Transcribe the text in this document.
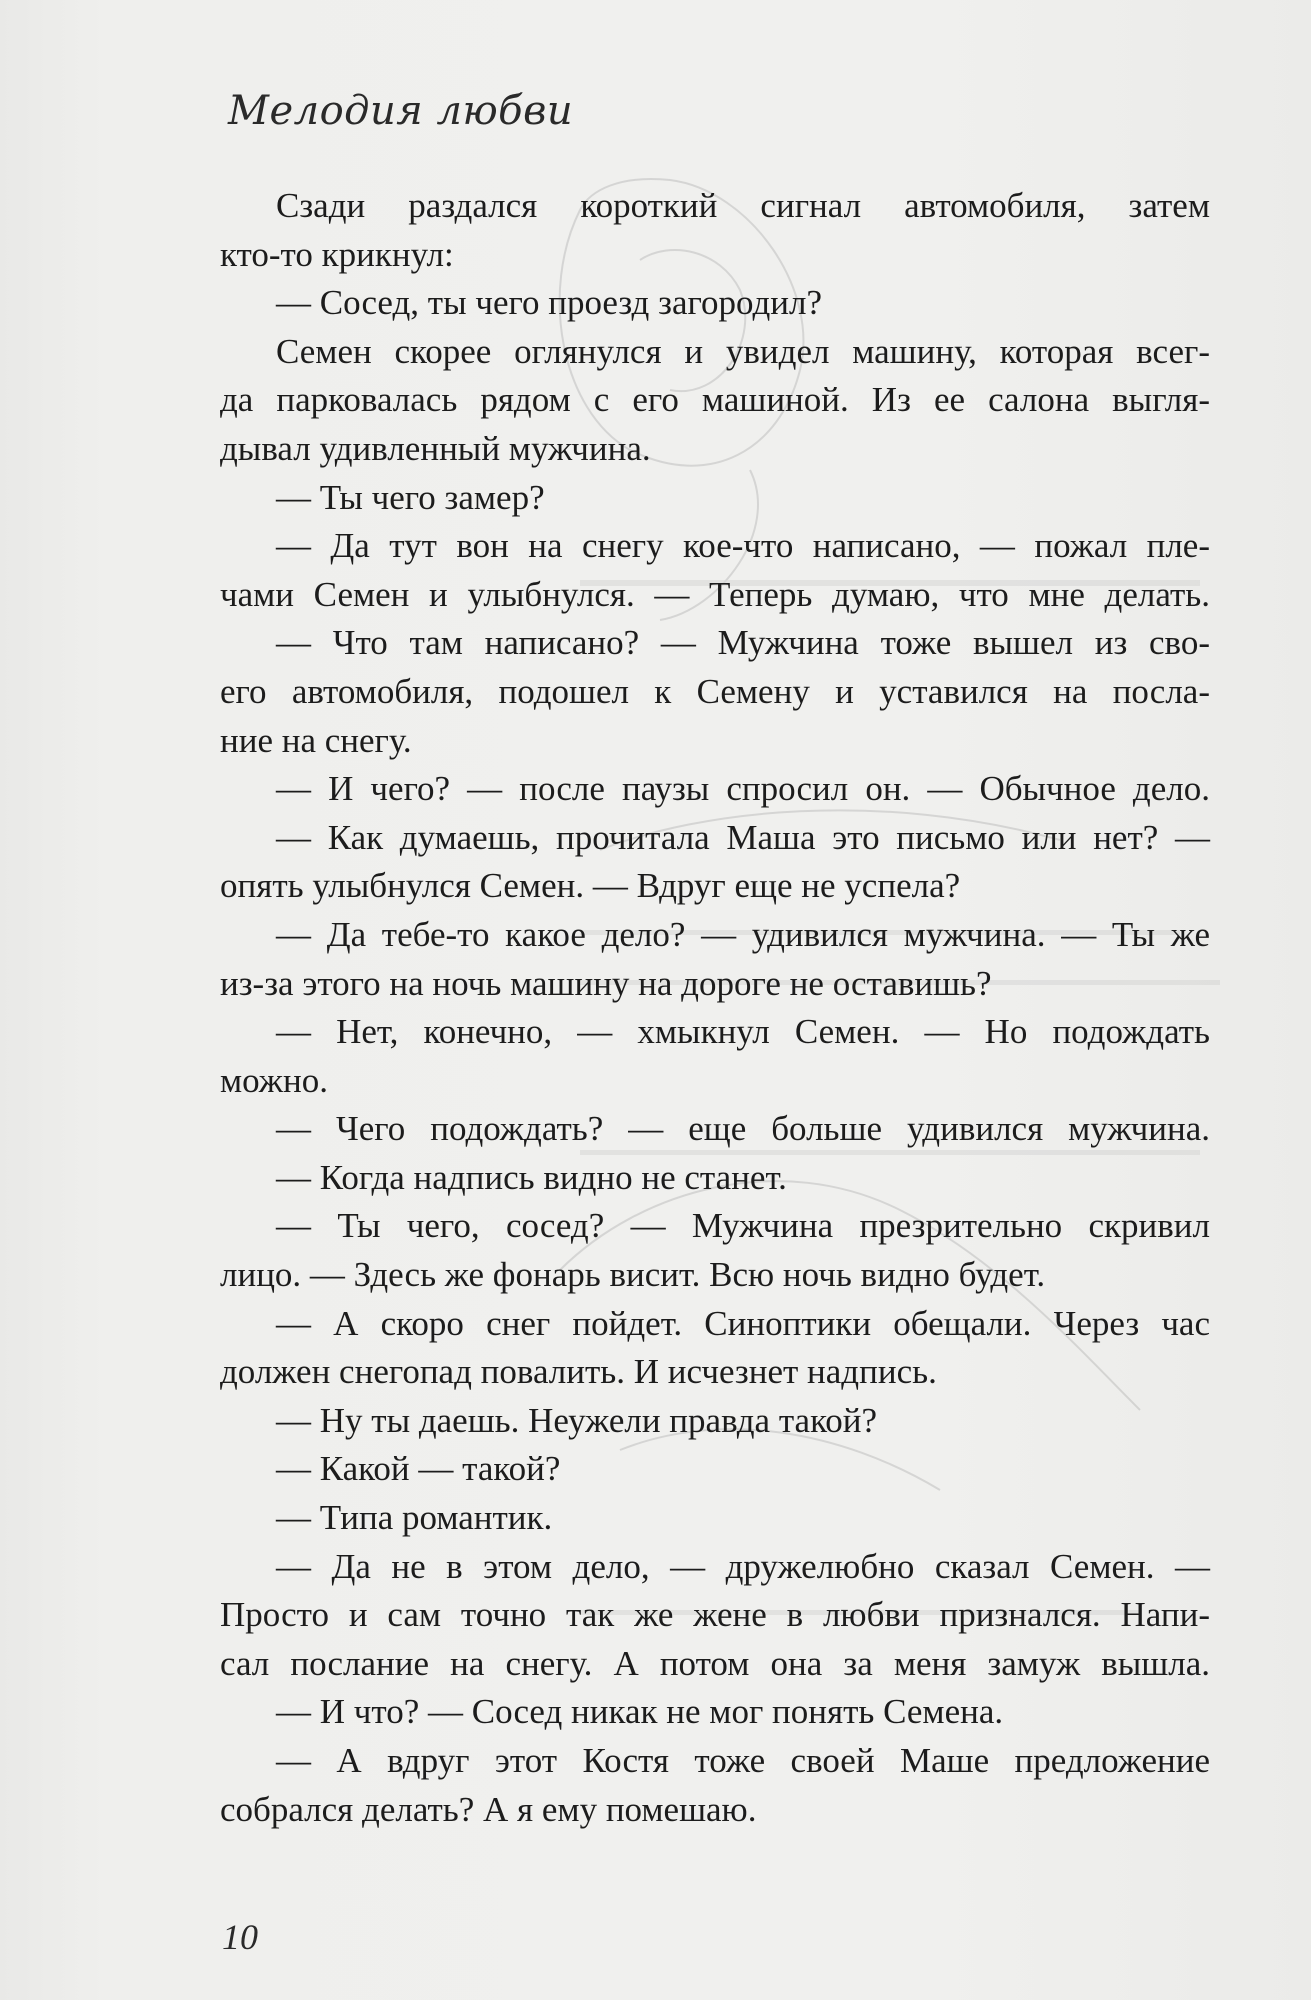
Мелодия любви
Сзади раздался короткий сигнал автомобиля, затем
кто-то крикнул:
— Сосед, ты чего проезд загородил?
Семен скорее оглянулся и увидел машину, которая всег-
да парковалась рядом с его машиной. Из ее салона выгля-
дывал удивленный мужчина.
— Ты чего замер?
— Да тут вон на снегу кое-что написано, — пожал пле-
чами Семен и улыбнулся. — Теперь думаю, что мне делать.
— Что там написано? — Мужчина тоже вышел из сво-
его автомобиля, подошел к Семену и уставился на посла-
ние на снегу.
— И чего? — после паузы спросил он. — Обычное дело.
— Как думаешь, прочитала Маша это письмо или нет? —
опять улыбнулся Семен. — Вдруг еще не успела?
— Да тебе-то какое дело? — удивился мужчина. — Ты же
из-за этого на ночь машину на дороге не оставишь?
— Нет, конечно, — хмыкнул Семен. — Но подождать
можно.
— Чего подождать? — еще больше удивился мужчина.
— Когда надпись видно не станет.
— Ты чего, сосед? — Мужчина презрительно скривил
лицо. — Здесь же фонарь висит. Всю ночь видно будет.
— А скоро снег пойдет. Синоптики обещали. Через час
должен снегопад повалить. И исчезнет надпись.
— Ну ты даешь. Неужели правда такой?
— Какой — такой?
— Типа романтик.
— Да не в этом дело, — дружелюбно сказал Семен. —
Просто и сам точно так же жене в любви признался. Напи-
сал послание на снегу. А потом она за меня замуж вышла.
— И что? — Сосед никак не мог понять Семена.
— А вдруг этот Костя тоже своей Маше предложение
собрался делать? А я ему помешаю.
10
